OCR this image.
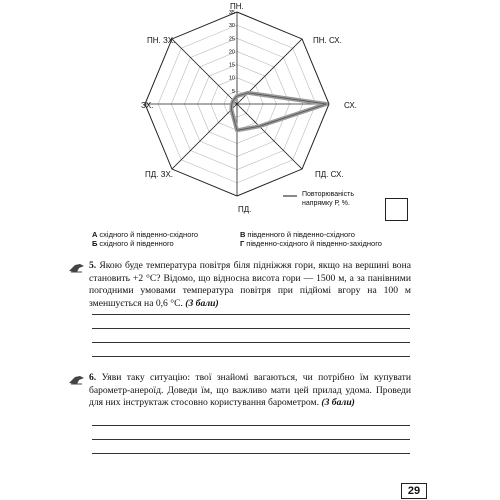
5
10
15
20
25
30
35
ПН.
ПН. СХ.
СХ.
ПД. СХ.
ПД.
ПД. ЗХ.
ЗХ.
ПН. ЗХ.
Повторюваність
напрямку Р, %.
А східного й південно-східного
Б східного й південного
В південного й південно-східного
Г південно-східного й південно-західного
5. Якою буде температура повітря біля підніжжя гори, якщо на вершині вона становить +2 °С? Відомо, що відносна висота гори — 1500 м, а за панівними погодними умовами температура повітря при підйомі вгору на 100 м зменшується на 0,6 °С. (3 бали)
6. Уяви таку ситуацію: твої знайомі вагаються, чи потрібно їм купувати барометр-анероїд. Доведи їм, що важливо мати цей прилад удома. Проведи для них інструктаж стосовно користування барометром. (3 бали)
29
